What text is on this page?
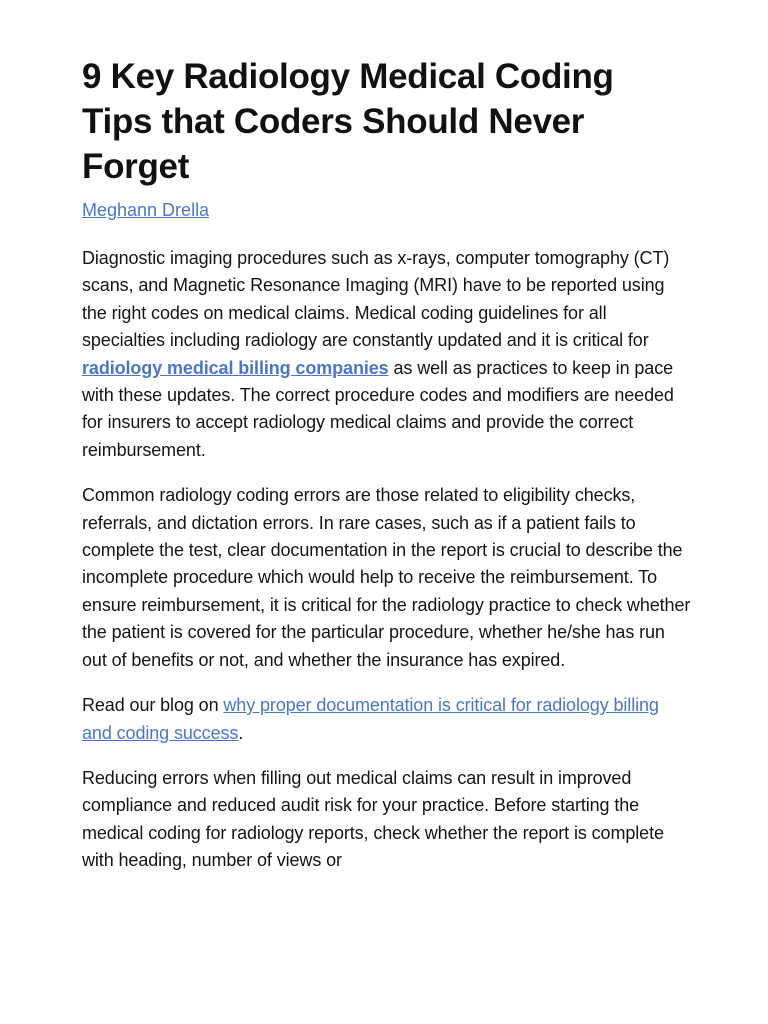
9 Key Radiology Medical Coding Tips that Coders Should Never Forget
Meghann Drella

Diagnostic imaging procedures such as x-rays, computer tomography (CT) scans, and Magnetic Resonance Imaging (MRI) have to be reported using the right codes on medical claims. Medical coding guidelines for all specialties including radiology are constantly updated and it is critical for radiology medical billing companies as well as practices to keep in pace with these updates. The correct procedure codes and modifiers are needed for insurers to accept radiology medical claims and provide the correct reimbursement.

Common radiology coding errors are those related to eligibility checks, referrals, and dictation errors. In rare cases, such as if a patient fails to complete the test, clear documentation in the report is crucial to describe the incomplete procedure which would help to receive the reimbursement. To ensure reimbursement, it is critical for the radiology practice to check whether the patient is covered for the particular procedure, whether he/she has run out of benefits or not, and whether the insurance has expired.

Read our blog on why proper documentation is critical for radiology billing and coding success.

Reducing errors when filling out medical claims can result in improved compliance and reduced audit risk for your practice. Before starting the medical coding for radiology reports, check whether the report is complete with heading, number of views or
